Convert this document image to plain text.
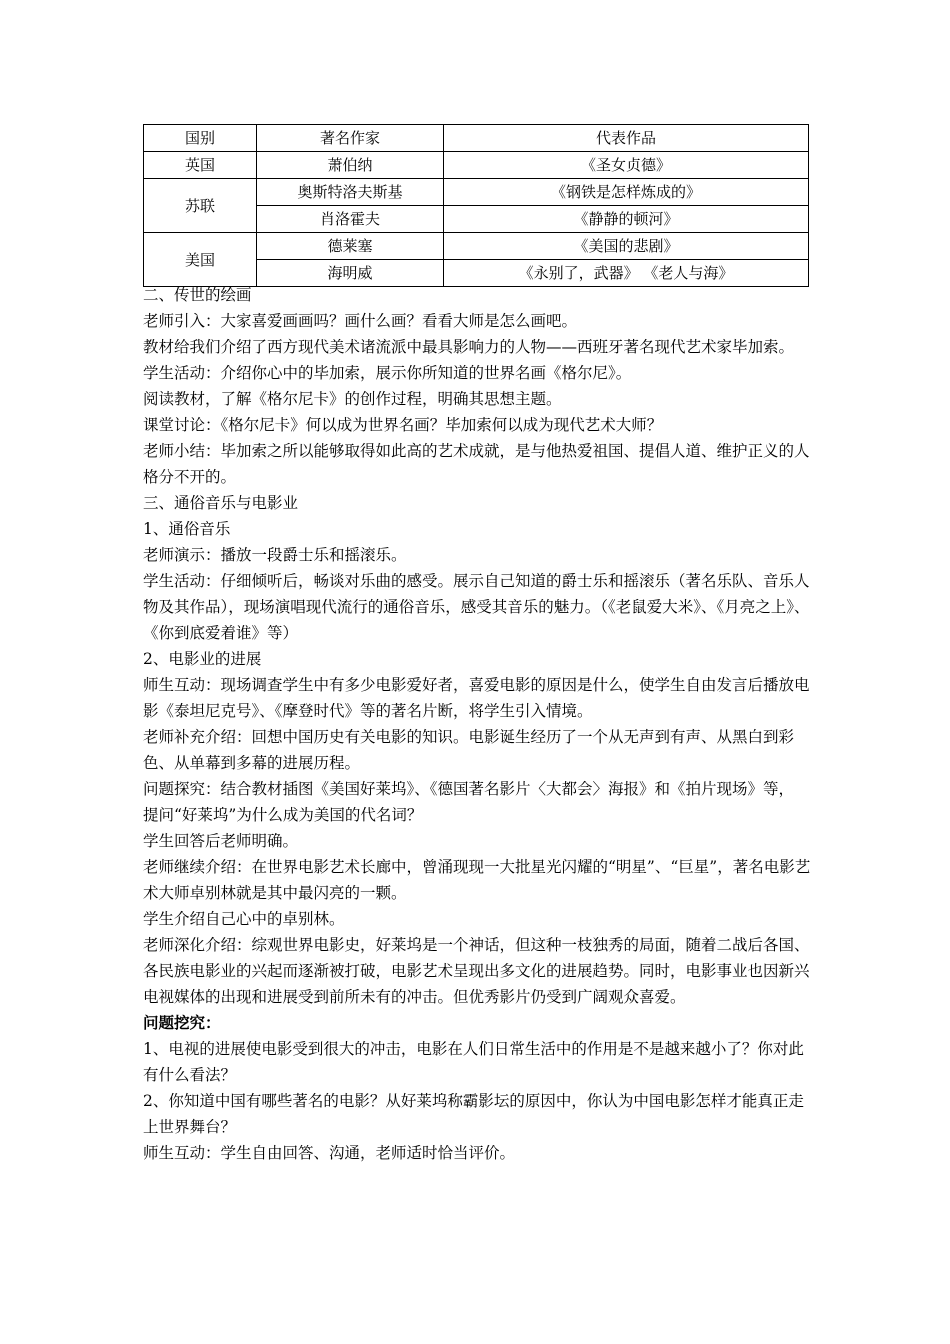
国别	著名作家	代表作品
英国	萧伯纳	《圣女贞德》
苏联	奥斯特洛夫斯基	《钢铁是怎样炼成的》
	肖洛霍夫	《静静的顿河》
美国	德莱塞	《美国的悲剧》
	海明威	《永别了，武器》 《老人与海》

二、传世的绘画

老师引入：大家喜爱画画吗？画什么画？看看大师是怎么画吧。

教材给我们介绍了西方现代美术诸流派中最具影响力的人物——西班牙著名现代艺术家毕加索。

学生活动：介绍你心中的毕加索，展示你所知道的世界名画《格尔尼》。

阅读教材，了解《格尔尼卡》的创作过程，明确其思想主题。

课堂讨论：《格尔尼卡》何以成为世界名画？毕加索何以成为现代艺术大师？

老师小结：毕加索之所以能够取得如此高的艺术成就，是与他热爱祖国、提倡人道、维护正义的人格分不开的。

三、通俗音乐与电影业

1、通俗音乐

老师演示：播放一段爵士乐和摇滚乐。

学生活动：仔细倾听后，畅谈对乐曲的感受。展示自己知道的爵士乐和摇滚乐（著名乐队、音乐人物及其作品），现场演唱现代流行的通俗音乐，感受其音乐的魅力。（《老鼠爱大米》、《月亮之上》、《你到底爱着谁》等）

2、电影业的进展

师生互动：现场调查学生中有多少电影爱好者，喜爱电影的原因是什么，使学生自由发言后播放电影《泰坦尼克号》、《摩登时代》等的著名片断，将学生引入情境。

老师补充介绍：回想中国历史有关电影的知识。电影诞生经历了一个从无声到有声、从黑白到彩色、从单幕到多幕的进展历程。

问题探究：结合教材插图《美国好莱坞》、《德国著名影片〈大都会〉海报》和《拍片现场》等，

提问“好莱坞”为什么成为美国的代名词？

学生回答后老师明确。

老师继续介绍：在世界电影艺术长廊中，曾涌现现一大批星光闪耀的“明星”、“巨星”，著名电影艺术大师卓别林就是其中最闪亮的一颗。

学生介绍自己心中的卓别林。

老师深化介绍：综观世界电影史，好莱坞是一个神话，但这种一枝独秀的局面，随着二战后各国、各民族电影业的兴起而逐渐被打破，电影艺术呈现出多文化的进展趋势。同时，电影事业也因新兴电视媒体的出现和进展受到前所未有的冲击。但优秀影片仍受到广阔观众喜爱。

问题挖究：

1、电视的进展使电影受到很大的冲击，电影在人们日常生活中的作用是不是越来越小了？你对此有什么看法？

2、你知道中国有哪些著名的电影？从好莱坞称霸影坛的原因中，你认为中国电影怎样才能真正走上世界舞台？

师生互动：学生自由回答、沟通，老师适时恰当评价。
